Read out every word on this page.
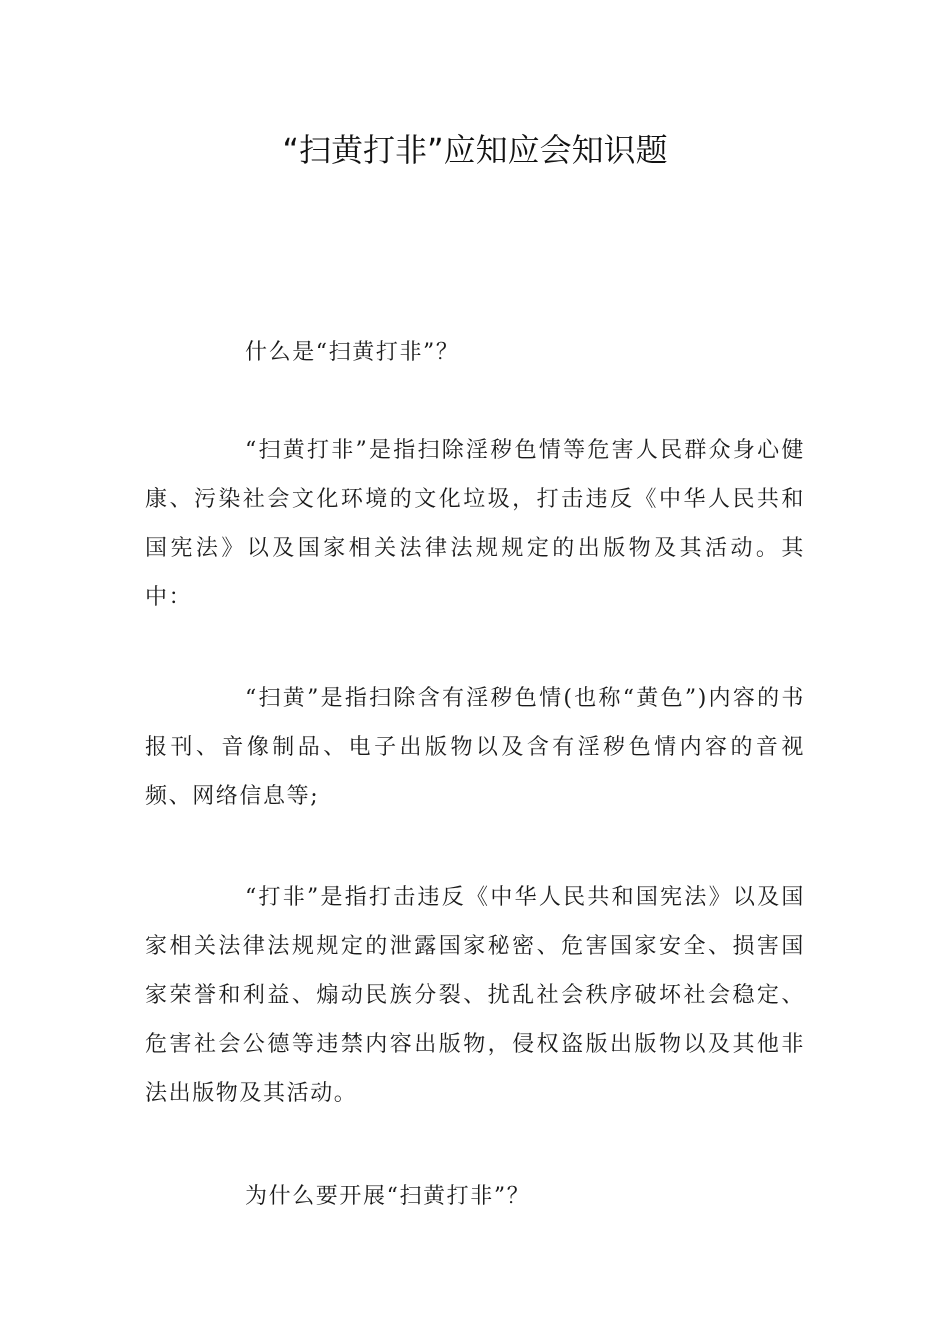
“扫黄打非”应知应会知识题

什么是“扫黄打非”？

“扫黄打非”是指扫除淫秽色情等危害人民群众身心健康、污染社会文化环境的文化垃圾，打击违反《中华人民共和国宪法》以及国家相关法律法规规定的出版物及其活动。其中：

“扫黄”是指扫除含有淫秽色情(也称“黄色”)内容的书报刊、音像制品、电子出版物以及含有淫秽色情内容的音视频、网络信息等;

“打非”是指打击违反《中华人民共和国宪法》以及国家相关法律法规规定的泄露国家秘密、危害国家安全、损害国家荣誉和利益、煽动民族分裂、扰乱社会秩序破坏社会稳定、危害社会公德等违禁内容出版物，侵权盗版出版物以及其他非法出版物及其活动。

为什么要开展“扫黄打非”？
